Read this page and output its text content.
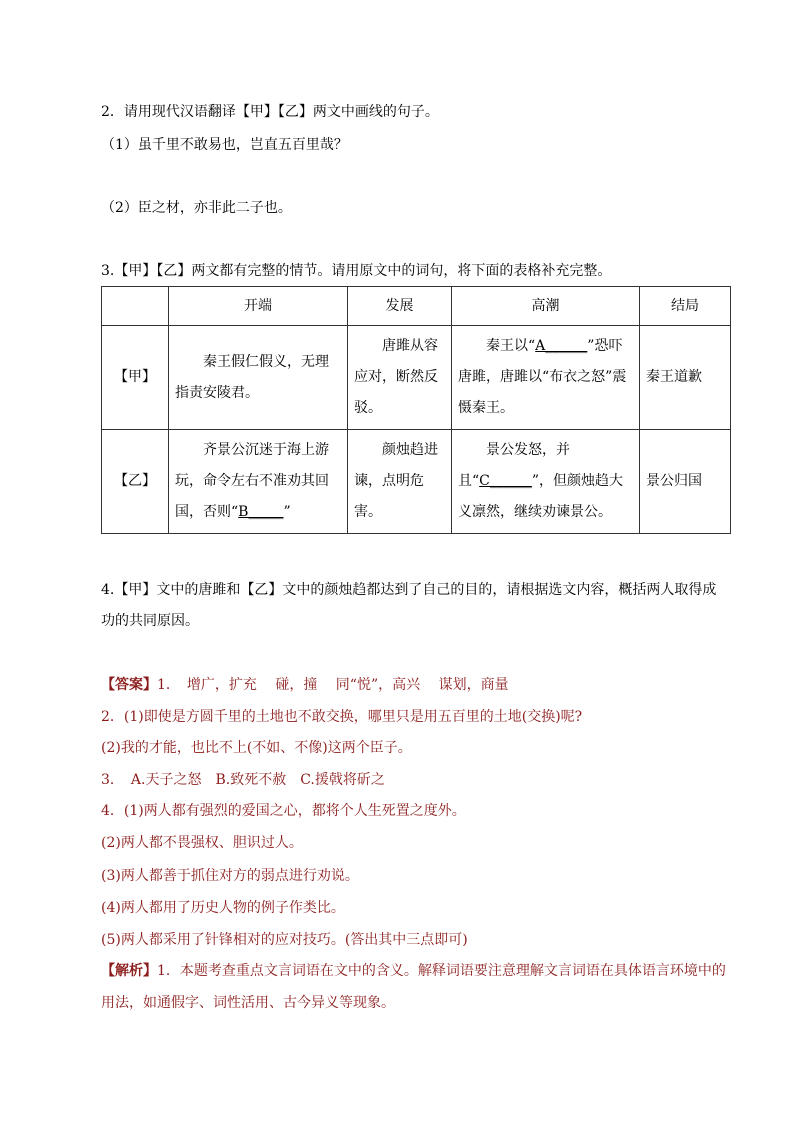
2．请用现代汉语翻译【甲】【乙】两文中画线的句子。
（1）虽千里不敢易也，岂直五百里哉？
（2）臣之材，亦非此二子也。
3.【甲】【乙】两文都有完整的情节。请用原文中的词句，将下面的表格补充完整。
	开端	发展	高潮	结局
【甲】	秦王假仁假义，无理指责安陵君。	唐雎从容应对，断然反驳。	秦王以“A______”恐吓唐雎，唐雎以“布衣之怒”震慑秦王。	秦王道歉
【乙】	齐景公沉迷于海上游玩，命令左右不准劝其回国，否则“B_____”	颜烛趋进谏，点明危害。	景公发怒，并且“C______”，但颜烛趋大义凛然，继续劝谏景公。	景公归国
4.【甲】文中的唐雎和【乙】文中的颜烛趋都达到了自己的目的，请根据选文内容，概括两人取得成
功的共同原因。
【答案】1．　增广，扩充　 碰，撞　 同“悦”，高兴　 谋划，商量
2．(1)即使是方圆千里的土地也不敢交换，哪里只是用五百里的土地(交换)呢?
(2)我的才能，也比不上(不如、不像)这两个臣子。
3．　A.天子之怒　B.致死不赦　C.援戟将斫之
4．(1)两人都有强烈的爱国之心，都将个人生死置之度外。
(2)两人都不畏强权、胆识过人。
(3)两人都善于抓住对方的弱点进行劝说。
(4)两人都用了历史人物的例子作类比。
(5)两人都采用了针锋相对的应对技巧。(答出其中三点即可)
【解析】1．本题考查重点文言词语在文中的含义。解释词语要注意理解文言词语在具体语言环境中的
用法，如通假字、词性活用、古今异义等现象。
